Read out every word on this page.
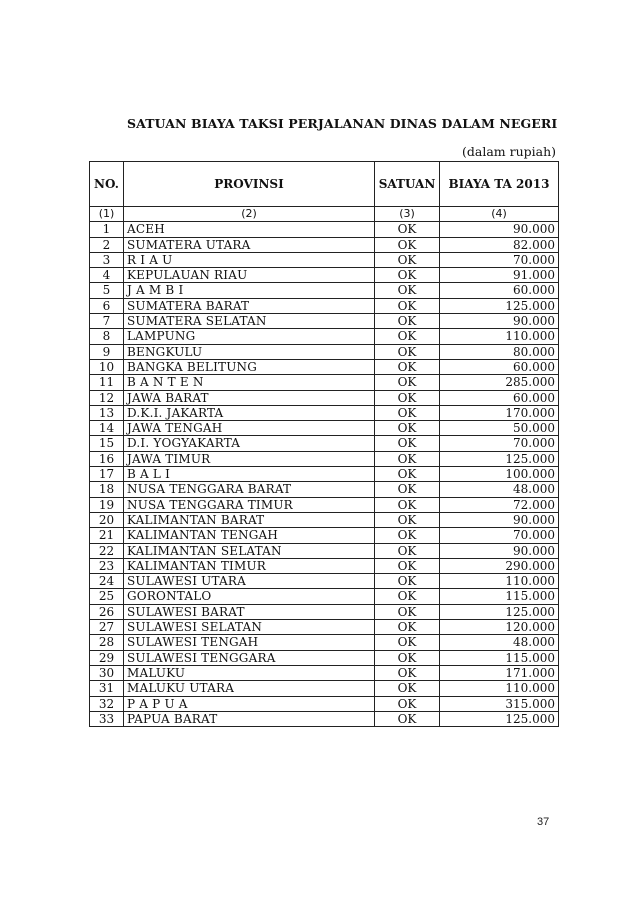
SATUAN BIAYA TAKSI PERJALANAN DINAS DALAM NEGERI
(dalam rupiah)
NO.	PROVINSI	SATUAN	BIAYA TA 2013
(1)	(2)	(3)	(4)
1	ACEH	OK	90.000
2	SUMATERA UTARA	OK	82.000
3	R I A U	OK	70.000
4	KEPULAUAN RIAU	OK	91.000
5	J A M B I	OK	60.000
6	SUMATERA BARAT	OK	125.000
7	SUMATERA SELATAN	OK	90.000
8	LAMPUNG	OK	110.000
9	BENGKULU	OK	80.000
10	BANGKA BELITUNG	OK	60.000
11	B A N T E N	OK	285.000
12	JAWA BARAT	OK	60.000
13	D.K.I. JAKARTA	OK	170.000
14	JAWA TENGAH	OK	50.000
15	D.I. YOGYAKARTA	OK	70.000
16	JAWA TIMUR	OK	125.000
17	B A L I	OK	100.000
18	NUSA TENGGARA BARAT	OK	48.000
19	NUSA TENGGARA TIMUR	OK	72.000
20	KALIMANTAN BARAT	OK	90.000
21	KALIMANTAN TENGAH	OK	70.000
22	KALIMANTAN SELATAN	OK	90.000
23	KALIMANTAN TIMUR	OK	290.000
24	SULAWESI UTARA	OK	110.000
25	GORONTALO	OK	115.000
26	SULAWESI BARAT	OK	125.000
27	SULAWESI SELATAN	OK	120.000
28	SULAWESI TENGAH	OK	48.000
29	SULAWESI TENGGARA	OK	115.000
30	MALUKU	OK	171.000
31	MALUKU UTARA	OK	110.000
32	P A P U A	OK	315.000
33	PAPUA BARAT	OK	125.000
37
